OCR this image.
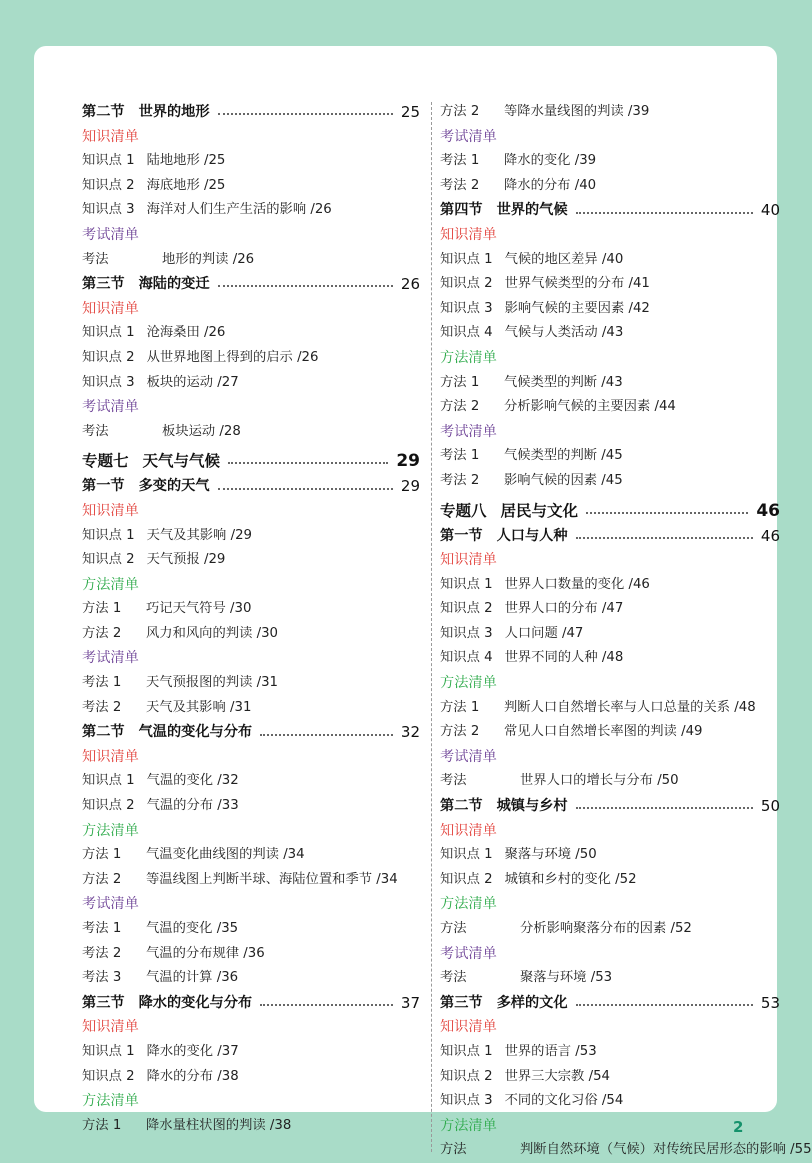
第二节 世界的地形	25
知识清单
知识点 1 陆地地形 /25
知识点 2 海底地形 /25
知识点 3 海洋对人们生产生活的影响 /26
考试清单
考法	地形的判读 /26
第三节 海陆的变迁	26
知识清单
知识点 1 沧海桑田 /26
知识点 2 从世界地图上得到的启示 /26
知识点 3 板块的运动 /27
考试清单
考法	板块运动 /28
专题七 天气与气候	29
第一节 多变的天气	29
知识清单
知识点 1 天气及其影响 /29
知识点 2 天气预报 /29
方法清单
方法 1 巧记天气符号 /30
方法 2 风力和风向的判读 /30
考试清单
考法 1 天气预报图的判读 /31
考法 2 天气及其影响 /31
第二节 气温的变化与分布	32
知识清单
知识点 1 气温的变化 /32
知识点 2 气温的分布 /33
方法清单
方法 1 气温变化曲线图的判读 /34
方法 2 等温线图上判断半球、海陆位置和季节 /34
考试清单
考法 1 气温的变化 /35
考法 2 气温的分布规律 /36
考法 3 气温的计算 /36
第三节 降水的变化与分布	37
知识清单
知识点 1 降水的变化 /37
知识点 2 降水的分布 /38
方法清单
方法 1 降水量柱状图的判读 /38
方法 2 等降水量线图的判读 /39
考试清单
考法 1 降水的变化 /39
考法 2 降水的分布 /40
第四节 世界的气候	40
知识清单
知识点 1 气候的地区差异 /40
知识点 2 世界气候类型的分布 /41
知识点 3 影响气候的主要因素 /42
知识点 4 气候与人类活动 /43
方法清单
方法 1 气候类型的判断 /43
方法 2 分析影响气候的主要因素 /44
考试清单
考法 1 气候类型的判断 /45
考法 2 影响气候的因素 /45
专题八 居民与文化	46
第一节 人口与人种	46
知识清单
知识点 1 世界人口数量的变化 /46
知识点 2 世界人口的分布 /47
知识点 3 人口问题 /47
知识点 4 世界不同的人种 /48
方法清单
方法 1 判断人口自然增长率与人口总量的关系 /48
方法 2 常见人口自然增长率图的判读 /49
考试清单
考法	世界人口的增长与分布 /50
第二节 城镇与乡村	50
知识清单
知识点 1 聚落与环境 /50
知识点 2 城镇和乡村的变化 /52
方法清单
方法	分析影响聚落分布的因素 /52
考试清单
考法	聚落与环境 /53
第三节 多样的文化	53
知识清单
知识点 1 世界的语言 /53
知识点 2 世界三大宗教 /54
知识点 3 不同的文化习俗 /54
方法清单
方法	判断自然环境（气候）对传统民居形态的影响 /55
2
